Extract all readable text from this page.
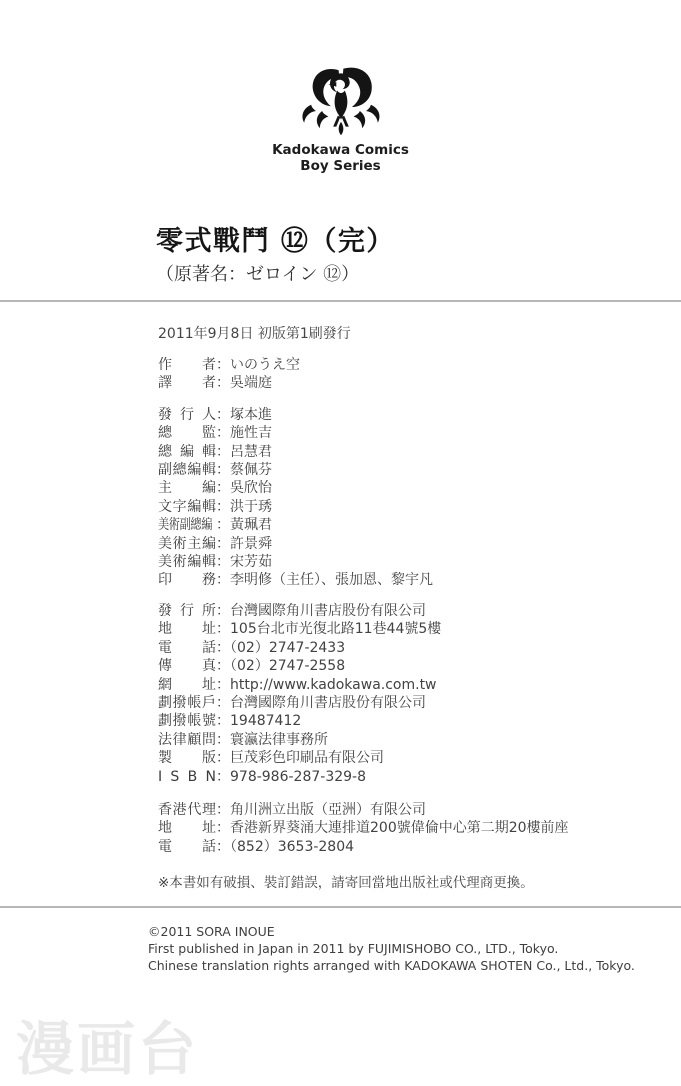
Kadokawa Comics
Boy Series
零式戰鬥 ⑫（完）
（原著名：ゼロイン ⑫）
2011年9月8日 初版第1刷發行
作 者：いのうえ空
譯 者：吳端庭
發 行 人：塚本進
總 監：施性吉
總 編 輯：呂慧君
副總編輯：蔡佩芬
主 編：吳欣怡
文字編輯：洪于琇
美術副總編 ：黃珮君
美術主編：許景舜
美術編輯：宋芳茹
印 務：李明修（主任）、張加恩、黎宇凡
發 行 所：台灣國際角川書店股份有限公司
地 址：105台北市光復北路11巷44號5樓
電 話：（02）2747-2433
傳 真：（02）2747-2558
網 址：http://www.kadokawa.com.tw
劃撥帳戶：台灣國際角川書店股份有限公司
劃撥帳號：19487412
法律顧問：寰瀛法律事務所
製 版：巨茂彩色印刷品有限公司
I S B N：978-986-287-329-8
香港代理：角川洲立出版（亞洲）有限公司
地 址：香港新界葵涌大連排道200號偉倫中心第二期20樓前座
電 話：（852）3653-2804
※本書如有破損、裝訂錯誤，請寄回當地出版社或代理商更換。
©2011 SORA INOUE
First published in Japan in 2011 by FUJIMISHOBO CO., LTD., Tokyo.
Chinese translation rights arranged with KADOKAWA SHOTEN Co., Ltd., Tokyo.
漫画台
